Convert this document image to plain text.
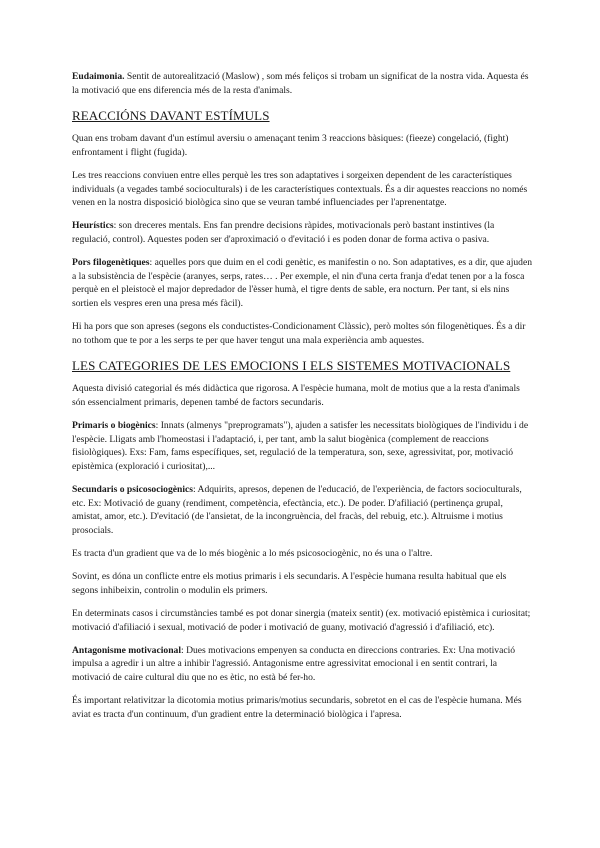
Eudaimonia. Sentit de autorealització (Maslow) , som més feliços si trobam un significat de la nostra vida. Aquesta és la motivació que ens diferencia més de la resta d'animals.

REACCIÓNS DAVANT ESTÍMULS

Quan ens trobam davant d'un estímul aversiu o amenaçant tenim 3 reaccions bàsiques: (fieeze) congelació, (fight) enfrontament i flight (fugida).

Les tres reaccions conviuen entre elles perquè les tres son adaptatives i sorgeixen dependent de les característiques individuals (a vegades també socioculturals) i de les característiques contextuals. És a dir aquestes reaccions no només venen en la nostra disposició biològica sino que se veuran també influenciades per l'aprenentatge.

Heurístics: son dreceres mentals. Ens fan prendre decisions ràpides, motivacionals però bastant instintives (la regulació, control). Aquestes poden ser d'aproximació o d'evitació i es poden donar de forma activa o pasiva.

Pors filogenètiques: aquelles pors que duim en el codi genètic, es manifestin o no. Son adaptatives, es a dir, que ajuden a la subsistència de l'espècie (aranyes, serps, rates… . Per exemple, el nin d'una certa franja d'edat tenen por a la fosca perquè en el pleistocè el major depredador de l'èsser humà, el tigre dents de sable, era nocturn. Per tant, si els nins sortien els vespres eren una presa més fàcil).

Hi ha pors que son apreses (segons els conductistes-Condicionament Clàssic), però moltes són filogenètiques. És a dir no tothom que te por a les serps te per que haver tengut una mala experiència amb aquestes.

LES CATEGORIES DE LES EMOCIONS I ELS SISTEMES MOTIVACIONALS

Aquesta divisió categorial és més didàctica que rigorosa. A l'espècie humana, molt de motius que a la resta d'animals són essencialment primaris, depenen també de factors secundaris.

Primaris o biogènics: Innats (almenys "preprogramats"), ajuden a satisfer les necessitats biològiques de l'individu i de l'espècie. Lligats amb l'homeostasi i l'adaptació, i, per tant, amb la salut biogènica (complement de reaccions fisiològiques). Exs: Fam, fams específiques, set, regulació de la temperatura, son, sexe, agressivitat, por, motivació epistèmica (exploració i curiositat),...

Secundaris o psicosociogènics: Adquirits, apresos, depenen de l'educació, de l'experiència, de factors socioculturals, etc. Ex: Motivació de guany (rendiment, competència, efectància, etc.). De poder. D'afiliació (pertinença grupal, amistat, amor, etc.). D'evitació (de l'ansietat, de la incongruència, del fracàs, del rebuig, etc.). Altruisme i motius prosocials.

Es tracta d'un gradient que va de lo més biogènic a lo més psicosociogènic, no és una o l'altre.

Sovint, es dóna un conflicte entre els motius primaris i els secundaris. A l'espècie humana resulta habitual que els segons inhibeixin, controlin o modulin els primers.

En determinats casos i circumstàncies també es pot donar sinergia (mateix sentit) (ex. motivació epistèmica i curiositat; motivació d'afiliació i sexual, motivació de poder i motivació de guany, motivació d'agressió i d'afiliació, etc).

Antagonisme motivacional: Dues motivacions empenyen sa conducta en direccions contraries. Ex: Una motivació impulsa a agredir i un altre a inhibir l'agressió. Antagonisme entre agressivitat emocional i en sentit contrari, la motivació de caire cultural diu que no es ètic, no està bé fer-ho.

És important relativitzar la dicotomia motius primaris/motius secundaris, sobretot en el cas de l'espècie humana. Més aviat es tracta d'un continuum, d'un gradient entre la determinació biològica i l'apresa.
